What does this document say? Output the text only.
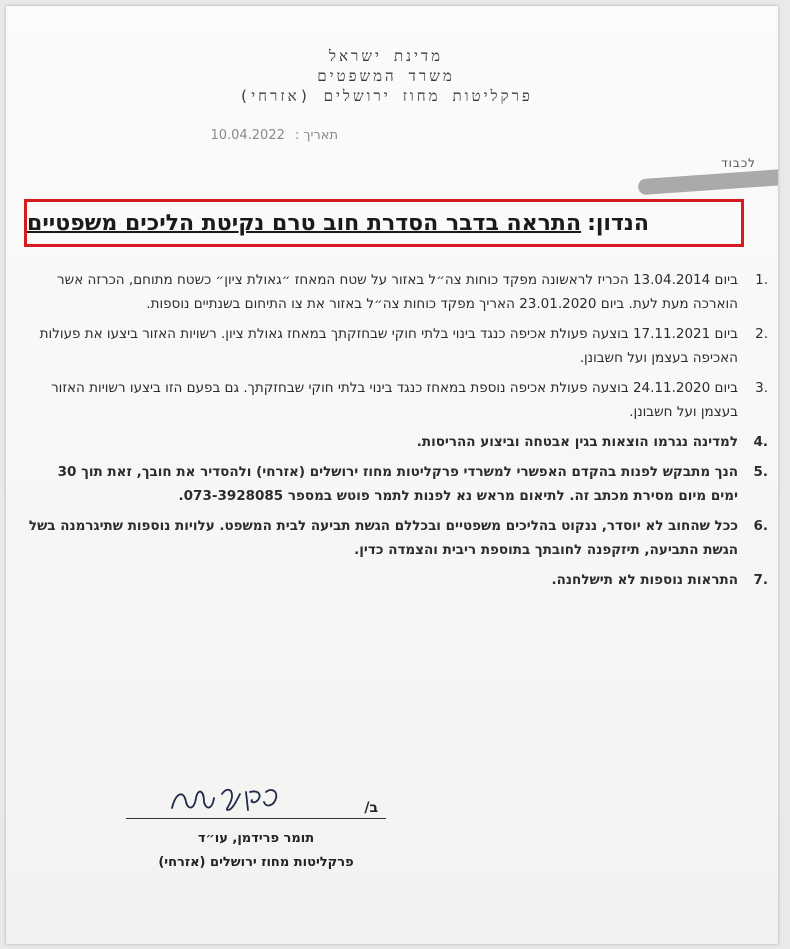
מדינת ישראל
משרד המשפטים
פרקליטות מחוז ירושלים (אזרחי)
תאריך : 10.04.2022
לכבוד
הנדון:
התראה בדבר הסדרת חוב טרם נקיטת הליכים משפטיים
1.
ביום 13.04.2014 הכריז לראשונה מפקד כוחות צה״ל באזור על שטח המאחז ״גאולת ציון״ כשטח מתוחם, הכרזה אשר הוארכה מעת לעת. ביום 23.01.2020 האריך מפקד כוחות צה״ל באזור את צו התיחום בשנתיים נוספות.
2.
ביום 17.11.2021 בוצעה פעולת אכיפה כנגד בינוי בלתי חוקי שבחזקתך במאחז גאולת ציון. רשויות האזור ביצעו את פעולות האכיפה בעצמן ועל חשבונן.
3.
ביום 24.11.2020 בוצעה פעולת אכיפה נוספת במאחז כנגד בינוי בלתי חוקי שבחזקתך. גם בפעם הזו ביצעו רשויות האזור בעצמן ועל חשבונן.
4.
למדינה נגרמו הוצאות בגין אבטחה וביצוע ההריסות.
5.
הנך מתבקש לפנות בהקדם האפשרי למשרדי פרקליטות מחוז ירושלים (אזרחי) ולהסדיר את חובך, זאת תוך 30 ימים מיום מסירת מכתב זה. לתיאום מראש נא לפנות לתמר פוטש במספר 073-3928085.
6.
ככל שהחוב לא יוסדר, ננקוט בהליכים משפטיים ובכללם הגשת תביעה לבית המשפט. עלויות נוספות שתיגרמנה בשל הגשת התביעה, תיזקפנה לחובתך בתוספת ריבית והצמדה כדין.
7.
התראות נוספות לא תישלחנה.
ב/
תומר פרידמן, עו״ד
פרקליטות מחוז ירושלים (אזרחי)
